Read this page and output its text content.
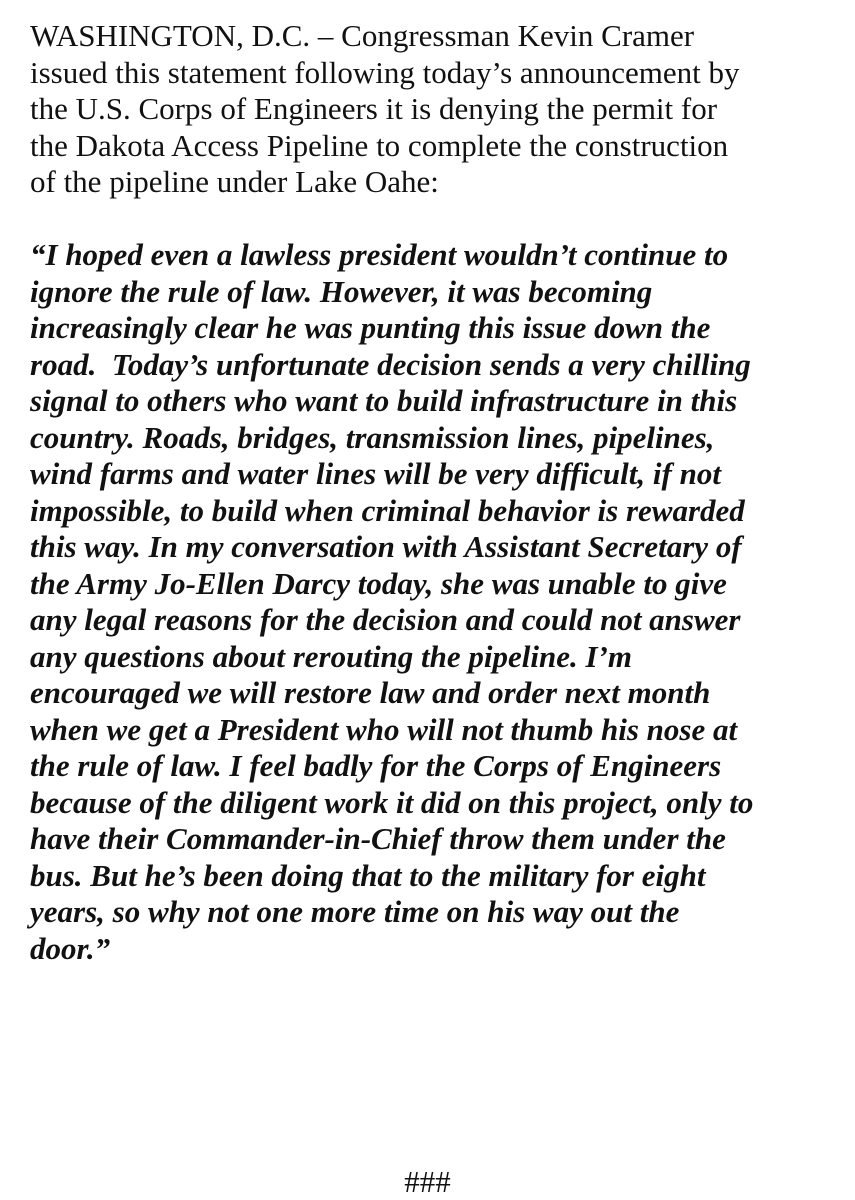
WASHINGTON, D.C. – Congressman Kevin Cramer

issued this statement following today’s announcement by

the U.S. Corps of Engineers it is denying the permit for

the Dakota Access Pipeline to complete the construction

of the pipeline under Lake Oahe:

“I hoped even a lawless president wouldn’t continue to

ignore the rule of law. However, it was becoming

increasingly clear he was punting this issue down the

road.  Today’s unfortunate decision sends a very chilling

signal to others who want to build infrastructure in this

country. Roads, bridges, transmission lines, pipelines,

wind farms and water lines will be very difficult, if not

impossible, to build when criminal behavior is rewarded

this way. In my conversation with Assistant Secretary of

the Army Jo-Ellen Darcy today, she was unable to give

any legal reasons for the decision and could not answer

any questions about rerouting the pipeline. I’m

encouraged we will restore law and order next month

when we get a President who will not thumb his nose at

the rule of law. I feel badly for the Corps of Engineers

because of the diligent work it did on this project, only to

have their Commander-in-Chief throw them under the

bus. But he’s been doing that to the military for eight

years, so why not one more time on his way out the

door.”

###
